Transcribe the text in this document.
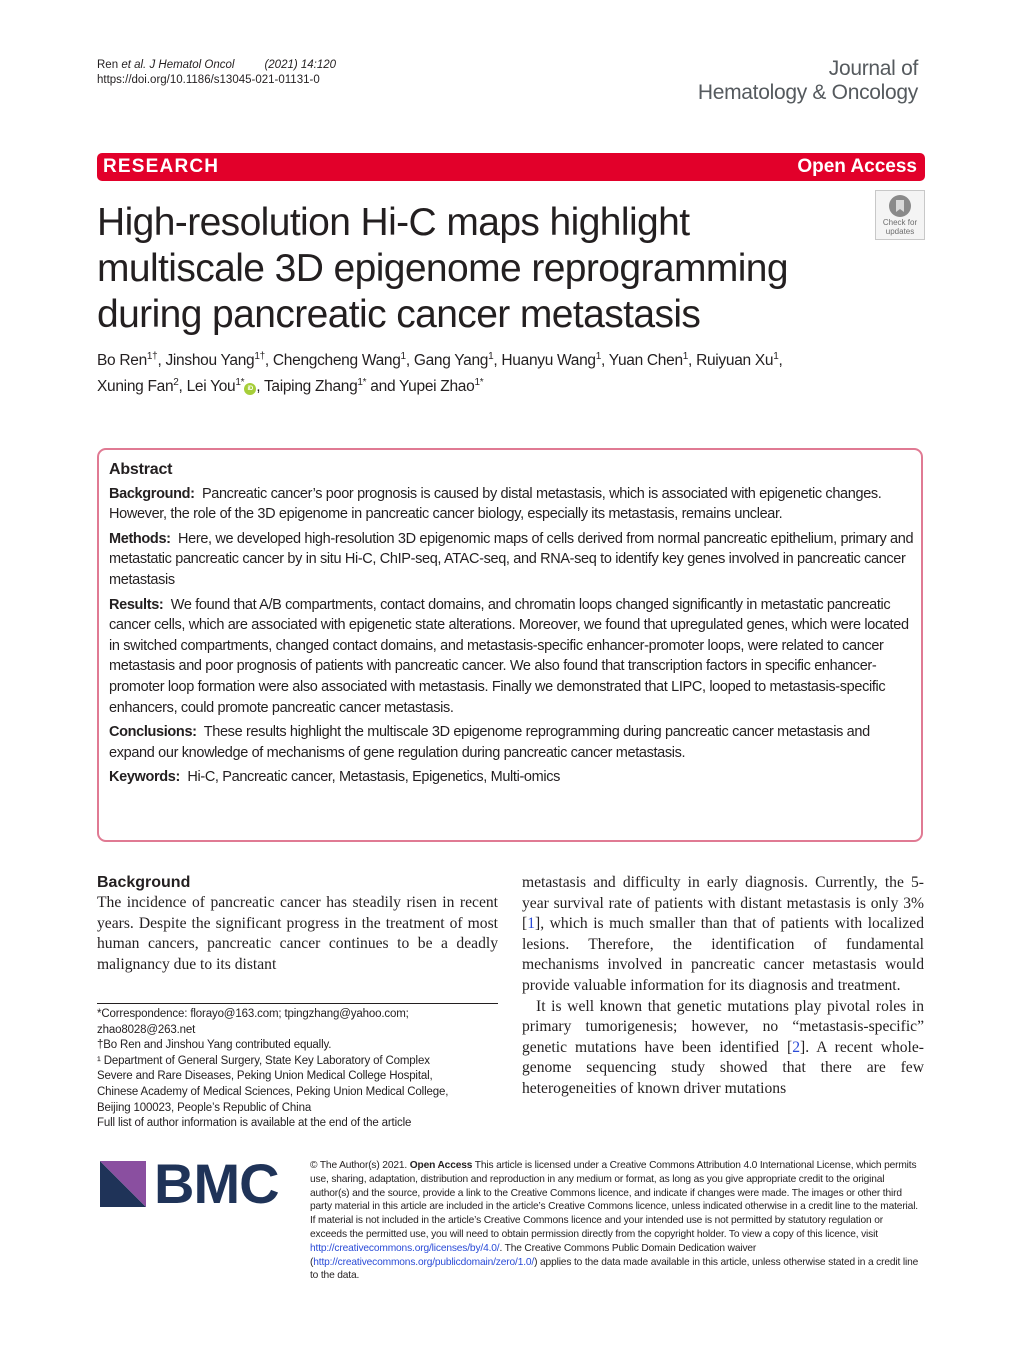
Ren et al. J Hematol Oncol	(2021) 14:120
https://doi.org/10.1186/s13045-021-01131-0	Journal of
Hematology & Oncology
RESEARCH	Open Access
Check for
updates
High-resolution Hi-C maps highlight multiscale 3D epigenome reprogramming during pancreatic cancer metastasis
Bo Ren$^{1\dagger}$, Jinshou Yang$^{1\dagger}$, Chengcheng Wang$^1$, Gang Yang$^1$, Huanyu Wang$^1$, Yuan Chen$^1$, Ruiyuan Xu$^1$,
Xuning Fan$^2$, Lei You$^{1*}$iD , Taiping Zhang$^{1*}$ and Yupei Zhao$^{1*}$
Abstract

Background: Pancreatic cancer’s poor prognosis is caused by distal metastasis, which is associated with epigenetic changes. However, the role of the 3D epigenome in pancreatic cancer biology, especially its metastasis, remains unclear.

Methods: Here, we developed high-resolution 3D epigenomic maps of cells derived from normal pancreatic epithelium, primary and metastatic pancreatic cancer by in situ Hi-C, ChIP-seq, ATAC-seq, and RNA-seq to identify key genes involved in pancreatic cancer metastasis

Results: We found that A/B compartments, contact domains, and chromatin loops changed significantly in metastatic pancreatic cancer cells, which are associated with epigenetic state alterations. Moreover, we found that upregulated genes, which were located in switched compartments, changed contact domains, and metastasis-specific enhancer-promoter loops, were related to cancer metastasis and poor prognosis of patients with pancreatic cancer. We also found that transcription factors in specific enhancer-promoter loop formation were also associated with metastasis. Finally we demonstrated that LIPC, looped to metastasis-specific enhancers, could promote pancreatic cancer metastasis.

Conclusions: These results highlight the multiscale 3D epigenome reprogramming during pancreatic cancer metastasis and expand our knowledge of mechanisms of gene regulation during pancreatic cancer metastasis.

Keywords: Hi-C, Pancreatic cancer, Metastasis, Epigenetics, Multi-omics

Background

The incidence of pancreatic cancer has steadily risen in recent years. Despite the significant progress in the treatment of most human cancers, pancreatic cancer continues to be a deadly malignancy due to its distant

metastasis and difficulty in early diagnosis. Currently, the 5-year survival rate of patients with distant metastasis is only 3% [1], which is much smaller than that of patients with localized lesions. Therefore, the identification of fundamental mechanisms involved in pancreatic cancer metastasis would provide valuable information for its diagnosis and treatment.

It is well known that genetic mutations play pivotal roles in primary tumorigenesis; however, no “metastasis-specific” genetic mutations have been identified [2]. A recent whole-genome sequencing study showed that there are few heterogeneities of known driver mutations

*Correspondence: florayo@163.com; tpingzhang@yahoo.com;
zhao8028@263.net
†Bo Ren and Jinshou Yang contributed equally.
¹ Department of General Surgery, State Key Laboratory of Complex
Severe and Rare Diseases, Peking Union Medical College Hospital,
Chinese Academy of Medical Sciences, Peking Union Medical College,
Beijing 100023, People’s Republic of China
Full list of author information is available at the end of the article
BMC	© The Author(s) 2021. Open Access This article is licensed under a Creative Commons Attribution 4.0 International License, which permits use, sharing, adaptation, distribution and reproduction in any medium or format, as long as you give appropriate credit to the original author(s) and the source, provide a link to the Creative Commons licence, and indicate if changes were made. The images or other third party material in this article are included in the article’s Creative Commons licence, unless indicated otherwise in a credit line to the material. If material is not included in the article’s Creative Commons licence and your intended use is not permitted by statutory regulation or exceeds the permitted use, you will need to obtain permission directly from the copyright holder. To view a copy of this licence, visit http://creativecommons.org/licenses/by/4.0/. The Creative Commons Public Domain Dedication waiver (http://creativecommons.org/publicdomain/zero/1.0/) applies to the data made available in this article, unless otherwise stated in a credit line to the data.
